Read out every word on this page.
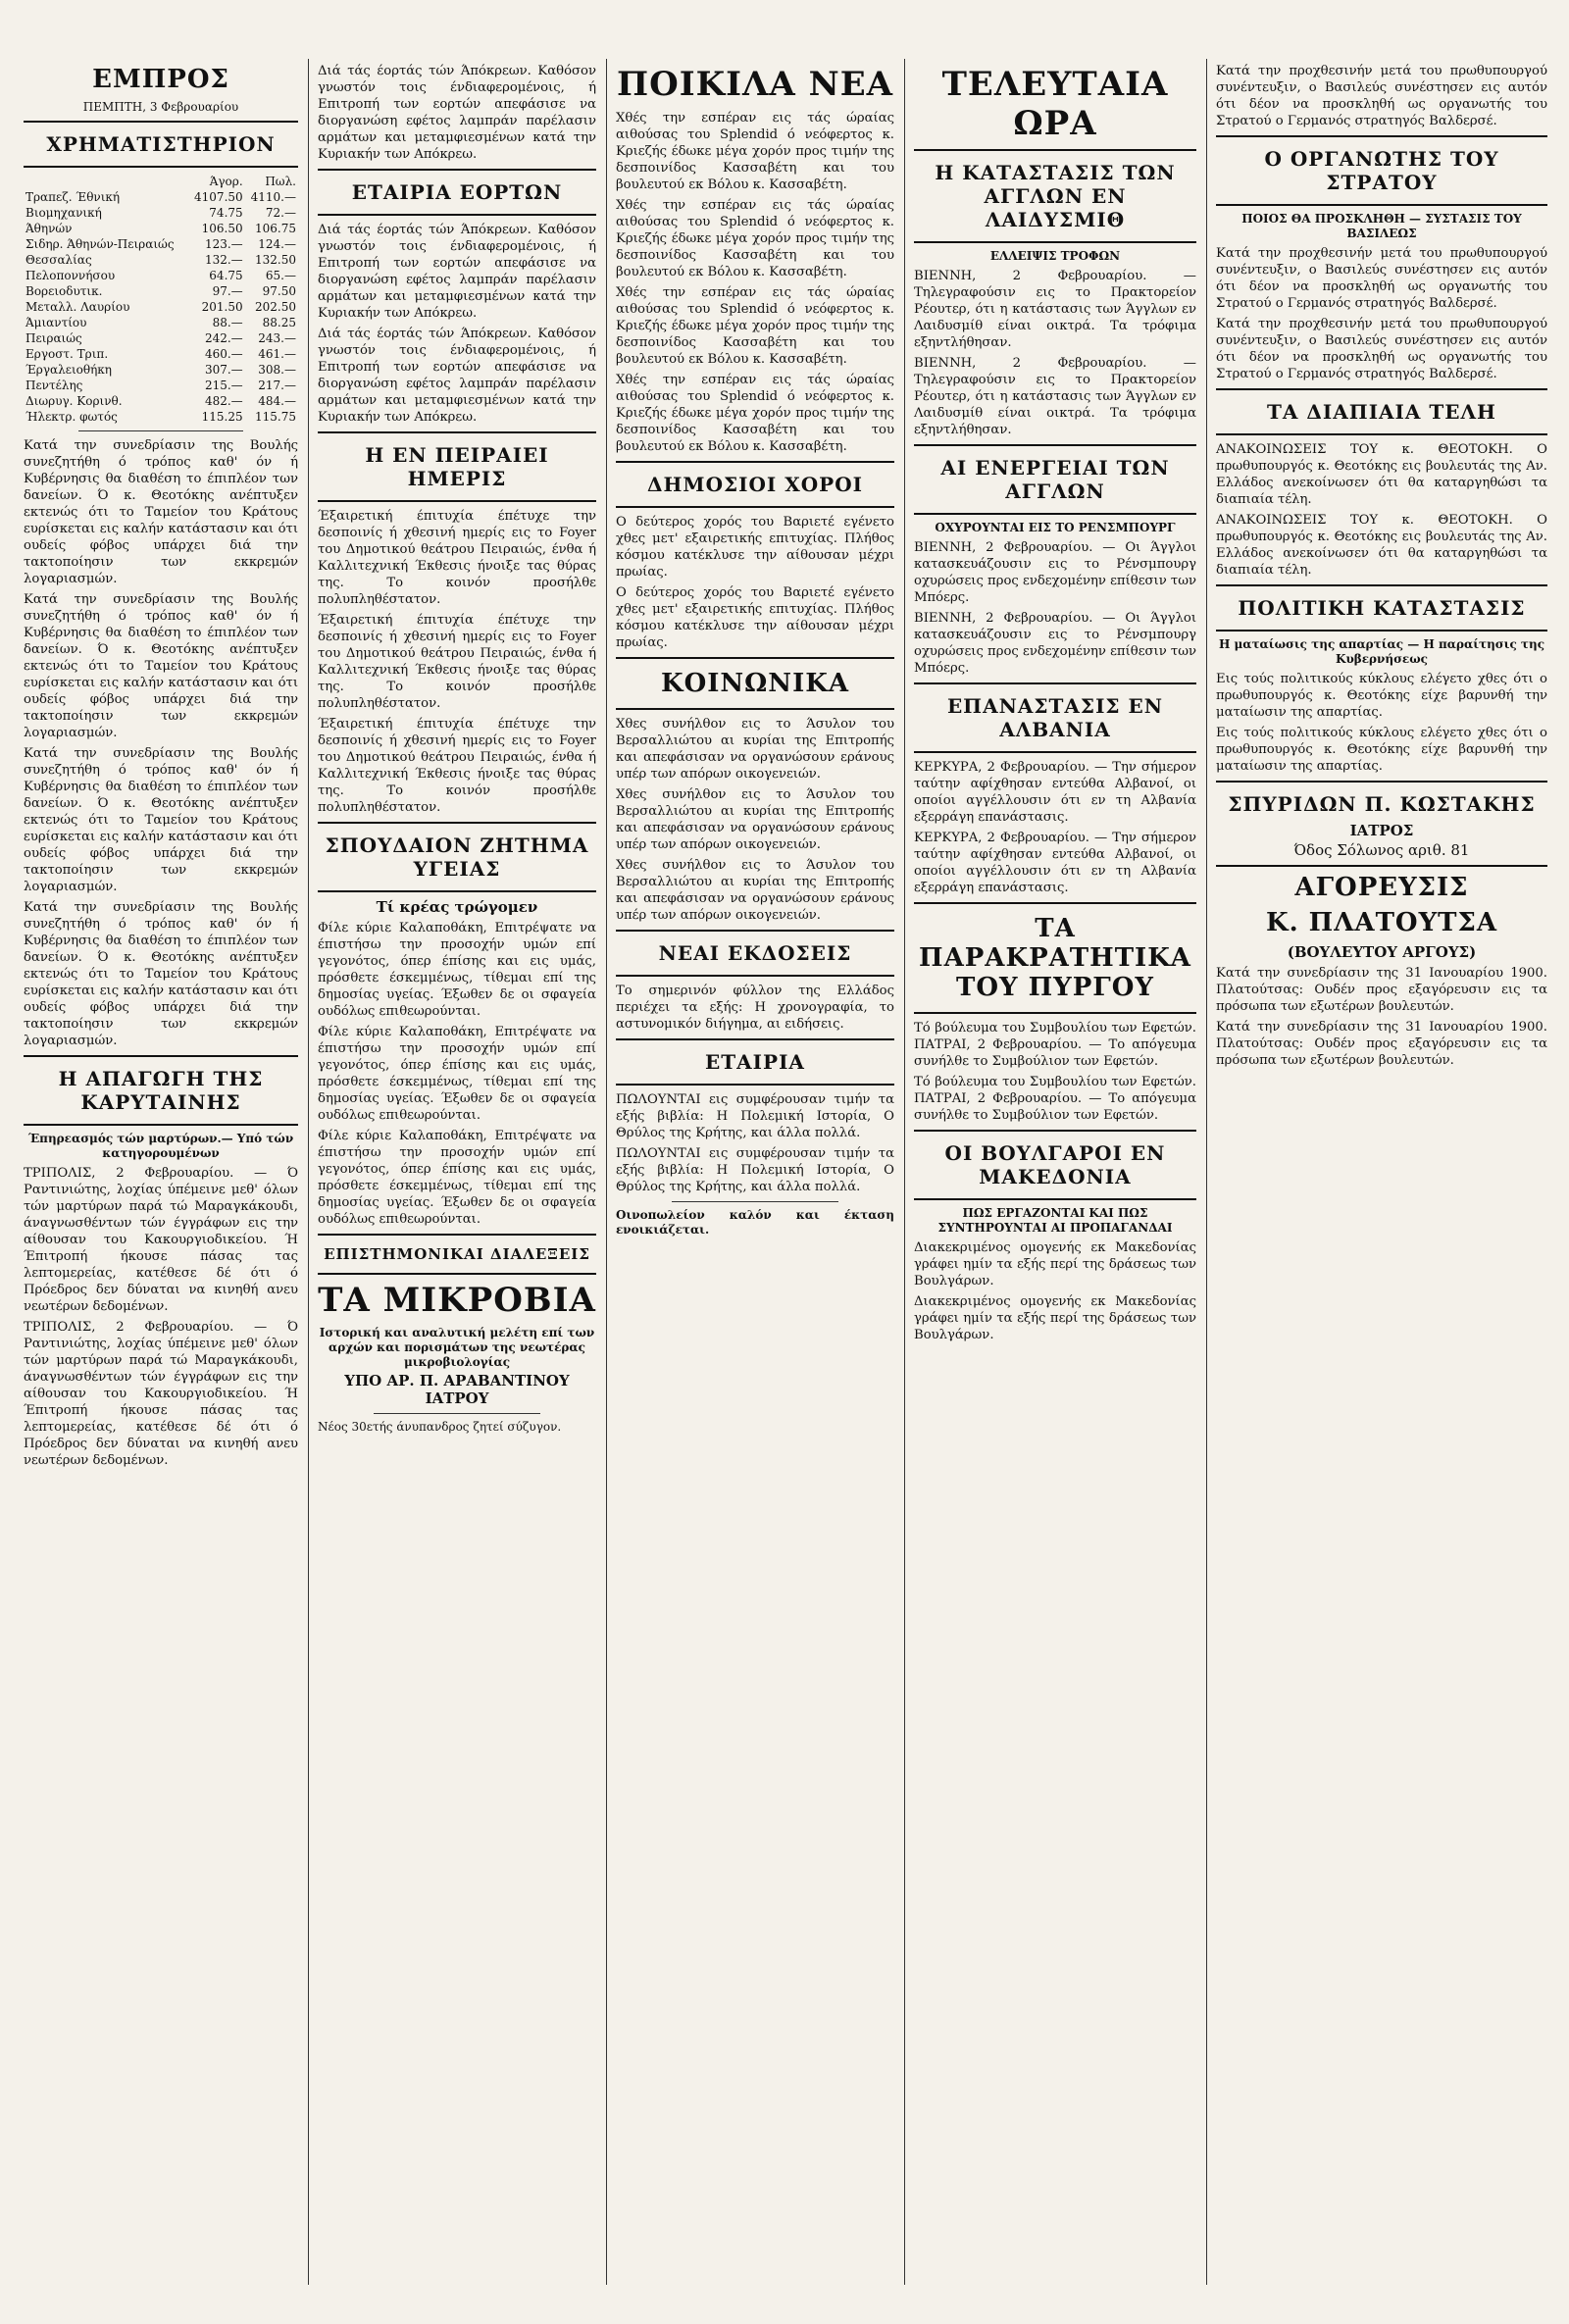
ΕΜΠΡΟΣ
ΠΕΜΠΤΗ, 3 Φεβρουαρίου
ΧΡΗΜΑΤΙΣΤΗΡΙΟΝ
	Άγορ.	Πωλ.
Τραπεζ. Έθνική	4107.50	4110.—
Βιομηχανική	74.75	72.—
Άθηνών	106.50	106.75
Σιδηρ. Άθηνών-Πειραιώς	123.—	124.—
Θεσσαλίας	132.—	132.50
Πελοποννήσου	64.75	65.—
Βορειοδυτικ.	97.—	97.50
Μεταλλ. Λαυρίου	201.50	202.50
Άμιαντίου	88.—	88.25
Πειραιώς	242.—	243.—
Εργοστ. Τριπ.	460.—	461.—
Έργαλειοθήκη	307.—	308.—
Πεντέλης	215.—	217.—
Διωρυγ. Κορινθ.	482.—	484.—
Ήλεκτρ. φωτός	115.25	115.75

Κατά την συνεδρίασιν της Βουλής συνεζητήθη ό τρόπος καθ' όν ή Κυβέρνησις θα διαθέση το έπιπλέον των δανείων. Ό κ. Θεοτόκης ανέπτυξεν εκτενώς ότι το Ταμείον του Κράτους ευρίσκεται εις καλήν κατάστασιν και ότι ουδείς φόβος υπάρχει διά την τακτοποίησιν των εκκρεμών λογαριασμών.

Κατά την συνεδρίασιν της Βουλής συνεζητήθη ό τρόπος καθ' όν ή Κυβέρνησις θα διαθέση το έπιπλέον των δανείων. Ό κ. Θεοτόκης ανέπτυξεν εκτενώς ότι το Ταμείον του Κράτους ευρίσκεται εις καλήν κατάστασιν και ότι ουδείς φόβος υπάρχει διά την τακτοποίησιν των εκκρεμών λογαριασμών.

Κατά την συνεδρίασιν της Βουλής συνεζητήθη ό τρόπος καθ' όν ή Κυβέρνησις θα διαθέση το έπιπλέον των δανείων. Ό κ. Θεοτόκης ανέπτυξεν εκτενώς ότι το Ταμείον του Κράτους ευρίσκεται εις καλήν κατάστασιν και ότι ουδείς φόβος υπάρχει διά την τακτοποίησιν των εκκρεμών λογαριασμών.

Κατά την συνεδρίασιν της Βουλής συνεζητήθη ό τρόπος καθ' όν ή Κυβέρνησις θα διαθέση το έπιπλέον των δανείων. Ό κ. Θεοτόκης ανέπτυξεν εκτενώς ότι το Ταμείον του Κράτους ευρίσκεται εις καλήν κατάστασιν και ότι ουδείς φόβος υπάρχει διά την τακτοποίησιν των εκκρεμών λογαριασμών.

Η ΑΠΑΓΩΓΗ ΤΗΣ ΚΑΡΥΤΑΙΝΗΣ
Έπηρεασμός τών μαρτύρων.— Υπό τών κατηγορουμένων

ΤΡΙΠΟΛΙΣ, 2 Φεβρουαρίου. — Ό Ραντινιώτης, λοχίας ύπέμεινε μεθ' όλων τών μαρτύρων παρά τώ Μαραγκάκουδι, άναγνωσθέντων τών έγγράφων εις την αίθουσαν του Κακουργιοδικείου. Ή Έπιτροπή ήκουσε πάσας τας λεπτομερείας, κατέθεσε δέ ότι ό Πρόεδρος δεν δύναται να κινηθή ανευ νεωτέρων δεδομένων.

ΤΡΙΠΟΛΙΣ, 2 Φεβρουαρίου. — Ό Ραντινιώτης, λοχίας ύπέμεινε μεθ' όλων τών μαρτύρων παρά τώ Μαραγκάκουδι, άναγνωσθέντων τών έγγράφων εις την αίθουσαν του Κακουργιοδικείου. Ή Έπιτροπή ήκουσε πάσας τας λεπτομερείας, κατέθεσε δέ ότι ό Πρόεδρος δεν δύναται να κινηθή ανευ νεωτέρων δεδομένων.

Διά τάς έορτάς τών Άπόκρεων. Καθόσον γνωστόν τοις ένδιαφερομένοις, ή Επιτροπή των εορτών απεφάσισε να διοργανώση εφέτος λαμπράν παρέλασιν αρμάτων και μεταμφιεσμένων κατά την Κυριακήν των Απόκρεω.

ΕΤΑΙΡΙΑ ΕΟΡΤΩΝ

Διά τάς έορτάς τών Άπόκρεων. Καθόσον γνωστόν τοις ένδιαφερομένοις, ή Επιτροπή των εορτών απεφάσισε να διοργανώση εφέτος λαμπράν παρέλασιν αρμάτων και μεταμφιεσμένων κατά την Κυριακήν των Απόκρεω.

Διά τάς έορτάς τών Άπόκρεων. Καθόσον γνωστόν τοις ένδιαφερομένοις, ή Επιτροπή των εορτών απεφάσισε να διοργανώση εφέτος λαμπράν παρέλασιν αρμάτων και μεταμφιεσμένων κατά την Κυριακήν των Απόκρεω.

Η ΕΝ ΠΕΙΡΑΙΕΙ ΗΜΕΡΙΣ

Έξαιρετική έπιτυχία έπέτυχε την δεσποινίς ή χθεσινή ημερίς εις το Foyer του Δημοτικού θεάτρου Πειραιώς, ένθα ή Καλλιτεχνική Έκθεσις ήνοιξε τας θύρας της. Το κοινόν προσήλθε πολυπληθέστατον.

Έξαιρετική έπιτυχία έπέτυχε την δεσποινίς ή χθεσινή ημερίς εις το Foyer του Δημοτικού θεάτρου Πειραιώς, ένθα ή Καλλιτεχνική Έκθεσις ήνοιξε τας θύρας της. Το κοινόν προσήλθε πολυπληθέστατον.

Έξαιρετική έπιτυχία έπέτυχε την δεσποινίς ή χθεσινή ημερίς εις το Foyer του Δημοτικού θεάτρου Πειραιώς, ένθα ή Καλλιτεχνική Έκθεσις ήνοιξε τας θύρας της. Το κοινόν προσήλθε πολυπληθέστατον.

ΣΠΟΥΔΑΙΟΝ ΖΗΤΗΜΑ ΥΓΕΙΑΣ
Τί κρέας τρώγομεν

Φίλε κύριε Καλαποθάκη, Επιτρέψατε να έπιστήσω την προσοχήν υμών επί γεγονότος, όπερ έπίσης και εις υμάς, πρόσθετε έσκεμμένως, τίθεμαι επί της δημοσίας υγείας. Έξωθεν δε οι σφαγεία ουδόλως επιθεωρούνται.

Φίλε κύριε Καλαποθάκη, Επιτρέψατε να έπιστήσω την προσοχήν υμών επί γεγονότος, όπερ έπίσης και εις υμάς, πρόσθετε έσκεμμένως, τίθεμαι επί της δημοσίας υγείας. Έξωθεν δε οι σφαγεία ουδόλως επιθεωρούνται.

Φίλε κύριε Καλαποθάκη, Επιτρέψατε να έπιστήσω την προσοχήν υμών επί γεγονότος, όπερ έπίσης και εις υμάς, πρόσθετε έσκεμμένως, τίθεμαι επί της δημοσίας υγείας. Έξωθεν δε οι σφαγεία ουδόλως επιθεωρούνται.

ΕΠΙΣΤΗΜΟΝΙΚΑΙ ΔΙΑΛΕΞΕΙΣ
ΤΑ ΜΙΚΡΟΒΙΑ
Ιστορική και αναλυτική μελέτη επί των αρχών και πορισμάτων της νεωτέρας μικροβιολογίας
ΥΠΟ ΑΡ. Π. ΑΡΑΒΑΝΤΙΝΟΥ ΙΑΤΡΟΥ

Νέος 30ετής άνυπανδρος ζητεί σύζυγον.

ΠΟΙΚΙΛΑ ΝΕΑ

Χθές την εσπέραν εις τάς ώραίας αιθούσας του Splendid ό νεόφερτος κ. Κριεζής έδωκε μέγα χορόν προς τιμήν της δεσποινίδος Κασσαβέτη και του βουλευτού εκ Βόλου κ. Κασσαβέτη.

Χθές την εσπέραν εις τάς ώραίας αιθούσας του Splendid ό νεόφερτος κ. Κριεζής έδωκε μέγα χορόν προς τιμήν της δεσποινίδος Κασσαβέτη και του βουλευτού εκ Βόλου κ. Κασσαβέτη.

Χθές την εσπέραν εις τάς ώραίας αιθούσας του Splendid ό νεόφερτος κ. Κριεζής έδωκε μέγα χορόν προς τιμήν της δεσποινίδος Κασσαβέτη και του βουλευτού εκ Βόλου κ. Κασσαβέτη.

Χθές την εσπέραν εις τάς ώραίας αιθούσας του Splendid ό νεόφερτος κ. Κριεζής έδωκε μέγα χορόν προς τιμήν της δεσποινίδος Κασσαβέτη και του βουλευτού εκ Βόλου κ. Κασσαβέτη.

ΔΗΜΟΣΙΟΙ ΧΟΡΟΙ

Ο δεύτερος χορός του Βαριετέ εγένετο χθες μετ' εξαιρετικής επιτυχίας. Πλήθος κόσμου κατέκλυσε την αίθουσαν μέχρι πρωίας.

Ο δεύτερος χορός του Βαριετέ εγένετο χθες μετ' εξαιρετικής επιτυχίας. Πλήθος κόσμου κατέκλυσε την αίθουσαν μέχρι πρωίας.

ΚΟΙΝΩΝΙΚΑ

Χθες συνήλθον εις το Άσυλον του Βερσαλλιώτου αι κυρίαι της Επιτροπής και απεφάσισαν να οργανώσουν εράνους υπέρ των απόρων οικογενειών.

Χθες συνήλθον εις το Άσυλον του Βερσαλλιώτου αι κυρίαι της Επιτροπής και απεφάσισαν να οργανώσουν εράνους υπέρ των απόρων οικογενειών.

Χθες συνήλθον εις το Άσυλον του Βερσαλλιώτου αι κυρίαι της Επιτροπής και απεφάσισαν να οργανώσουν εράνους υπέρ των απόρων οικογενειών.

ΝΕΑΙ ΕΚΔΟΣΕΙΣ

Το σημερινόν φύλλον της Ελλάδος περιέχει τα εξής: Η χρονογραφία, το αστυνομικόν διήγημα, αι ειδήσεις.

ΕΤΑΙΡΙΑ

ΠΩΛΟΥΝΤΑΙ εις συμφέρουσαν τιμήν τα εξής βιβλία: Η Πολεμική Ιστορία, Ο Θρύλος της Κρήτης, και άλλα πολλά.

ΠΩΛΟΥΝΤΑΙ εις συμφέρουσαν τιμήν τα εξής βιβλία: Η Πολεμική Ιστορία, Ο Θρύλος της Κρήτης, και άλλα πολλά.

Οινοπωλείον καλόν και έκταση ενοικιάζεται.

ΤΕΛΕΥΤΑΙΑ ΩΡΑ
Η ΚΑΤΑΣΤΑΣΙΣ ΤΩΝ ΑΓΓΛΩΝ ΕΝ ΛΑΙΔΥΣΜΙΘ
ΕΛΛΕΙΨΙΣ ΤΡΟΦΩΝ

ΒΙΕΝΝΗ, 2 Φεβρουαρίου. — Τηλεγραφούσιν εις το Πρακτορείον Ρέουτερ, ότι η κατάστασις των Άγγλων εν Λαιδυσμίθ είναι οικτρά. Τα τρόφιμα εξηντλήθησαν.

ΒΙΕΝΝΗ, 2 Φεβρουαρίου. — Τηλεγραφούσιν εις το Πρακτορείον Ρέουτερ, ότι η κατάστασις των Άγγλων εν Λαιδυσμίθ είναι οικτρά. Τα τρόφιμα εξηντλήθησαν.

ΑΙ ΕΝΕΡΓΕΙΑΙ ΤΩΝ ΑΓΓΛΩΝ
ΟΧΥΡΟΥΝΤΑΙ ΕΙΣ ΤΟ ΡΕΝΣΜΠΟΥΡΓ

ΒΙΕΝΝΗ, 2 Φεβρουαρίου. — Οι Άγγλοι κατασκευάζουσιν εις το Ρένσμπουργ οχυρώσεις προς ενδεχομένην επίθεσιν των Μπόερς.

ΒΙΕΝΝΗ, 2 Φεβρουαρίου. — Οι Άγγλοι κατασκευάζουσιν εις το Ρένσμπουργ οχυρώσεις προς ενδεχομένην επίθεσιν των Μπόερς.

ΕΠΑΝΑΣΤΑΣΙΣ ΕΝ ΑΛΒΑΝΙΑ

ΚΕΡΚΥΡΑ, 2 Φεβρουαρίου. — Την σήμερον ταύτην αφίχθησαν εντεύθα Αλβανοί, οι οποίοι αγγέλλουσιν ότι εν τη Αλβανία εξερράγη επανάστασις.

ΚΕΡΚΥΡΑ, 2 Φεβρουαρίου. — Την σήμερον ταύτην αφίχθησαν εντεύθα Αλβανοί, οι οποίοι αγγέλλουσιν ότι εν τη Αλβανία εξερράγη επανάστασις.

ΤΑ ΠΑΡΑΚΡΑΤΗΤΙΚΑ ΤΟΥ ΠΥΡΓΟΥ

Τό βούλευμα του Συμβουλίου των Εφετών. ΠΑΤΡΑΙ, 2 Φεβρουαρίου. — Το απόγευμα συνήλθε το Συμβούλιον των Εφετών.

Τό βούλευμα του Συμβουλίου των Εφετών. ΠΑΤΡΑΙ, 2 Φεβρουαρίου. — Το απόγευμα συνήλθε το Συμβούλιον των Εφετών.

ΟΙ ΒΟΥΛΓΑΡΟΙ ΕΝ ΜΑΚΕΔΟΝΙΑ
ΠΩΣ ΕΡΓΑΖΟΝΤΑΙ ΚΑΙ ΠΩΣ ΣΥΝΤΗΡΟΥΝΤΑΙ ΑΙ ΠΡΟΠΑΓΑΝΔΑΙ

Διακεκριμένος ομογενής εκ Μακεδονίας γράφει ημίν τα εξής περί της δράσεως των Βουλγάρων.

Διακεκριμένος ομογενής εκ Μακεδονίας γράφει ημίν τα εξής περί της δράσεως των Βουλγάρων.

Κατά την προχθεσινήν μετά του πρωθυπουργού συνέντευξιν, ο Βασιλεύς συνέστησεν εις αυτόν ότι δέον να προσκληθή ως οργανωτής του Στρατού ο Γερμανός στρατηγός Βαλδερσέ.

Ο ΟΡΓΑΝΩΤΗΣ ΤΟΥ ΣΤΡΑΤΟΥ
ΠΟΙΟΣ ΘΑ ΠΡΟΣΚΛΗΘΗ — ΣΥΣΤΑΣΙΣ ΤΟΥ ΒΑΣΙΛΕΩΣ

Κατά την προχθεσινήν μετά του πρωθυπουργού συνέντευξιν, ο Βασιλεύς συνέστησεν εις αυτόν ότι δέον να προσκληθή ως οργανωτής του Στρατού ο Γερμανός στρατηγός Βαλδερσέ.

Κατά την προχθεσινήν μετά του πρωθυπουργού συνέντευξιν, ο Βασιλεύς συνέστησεν εις αυτόν ότι δέον να προσκληθή ως οργανωτής του Στρατού ο Γερμανός στρατηγός Βαλδερσέ.

ΤΑ ΔΙΑΠΙΑΙΑ ΤΕΛΗ

ΑΝΑΚΟΙΝΩΣΕΙΣ ΤΟΥ κ. ΘΕΟΤΟΚΗ. Ο πρωθυπουργός κ. Θεοτόκης εις βουλευτάς της Αν. Ελλάδος ανεκοίνωσεν ότι θα καταργηθώσι τα διαπιαία τέλη.

ΑΝΑΚΟΙΝΩΣΕΙΣ ΤΟΥ κ. ΘΕΟΤΟΚΗ. Ο πρωθυπουργός κ. Θεοτόκης εις βουλευτάς της Αν. Ελλάδος ανεκοίνωσεν ότι θα καταργηθώσι τα διαπιαία τέλη.

ΠΟΛΙΤΙΚΗ ΚΑΤΑΣΤΑΣΙΣ
Η ματαίωσις της απαρτίας — Η παραίτησις της Κυβερνήσεως

Εις τούς πολιτικούς κύκλους ελέγετο χθες ότι ο πρωθυπουργός κ. Θεοτόκης είχε βαρυνθή την ματαίωσιν της απαρτίας.

Εις τούς πολιτικούς κύκλους ελέγετο χθες ότι ο πρωθυπουργός κ. Θεοτόκης είχε βαρυνθή την ματαίωσιν της απαρτίας.

ΣΠΥΡΙΔΩΝ Π. ΚΩΣΤΑΚΗΣ
ΙΑΤΡΟΣ
Όδος Σόλωνος αριθ. 81
ΑΓΟΡΕΥΣΙΣ
Κ. ΠΛΑΤΟΥΤΣΑ
(ΒΟΥΛΕΥΤΟΥ ΑΡΓΟΥΣ)

Κατά την συνεδρίασιν της 31 Ιανουαρίου 1900. Πλατούτσας: Ουδέν προς εξαγόρευσιν εις τα πρόσωπα των εξωτέρων βουλευτών.

Κατά την συνεδρίασιν της 31 Ιανουαρίου 1900. Πλατούτσας: Ουδέν προς εξαγόρευσιν εις τα πρόσωπα των εξωτέρων βουλευτών.
